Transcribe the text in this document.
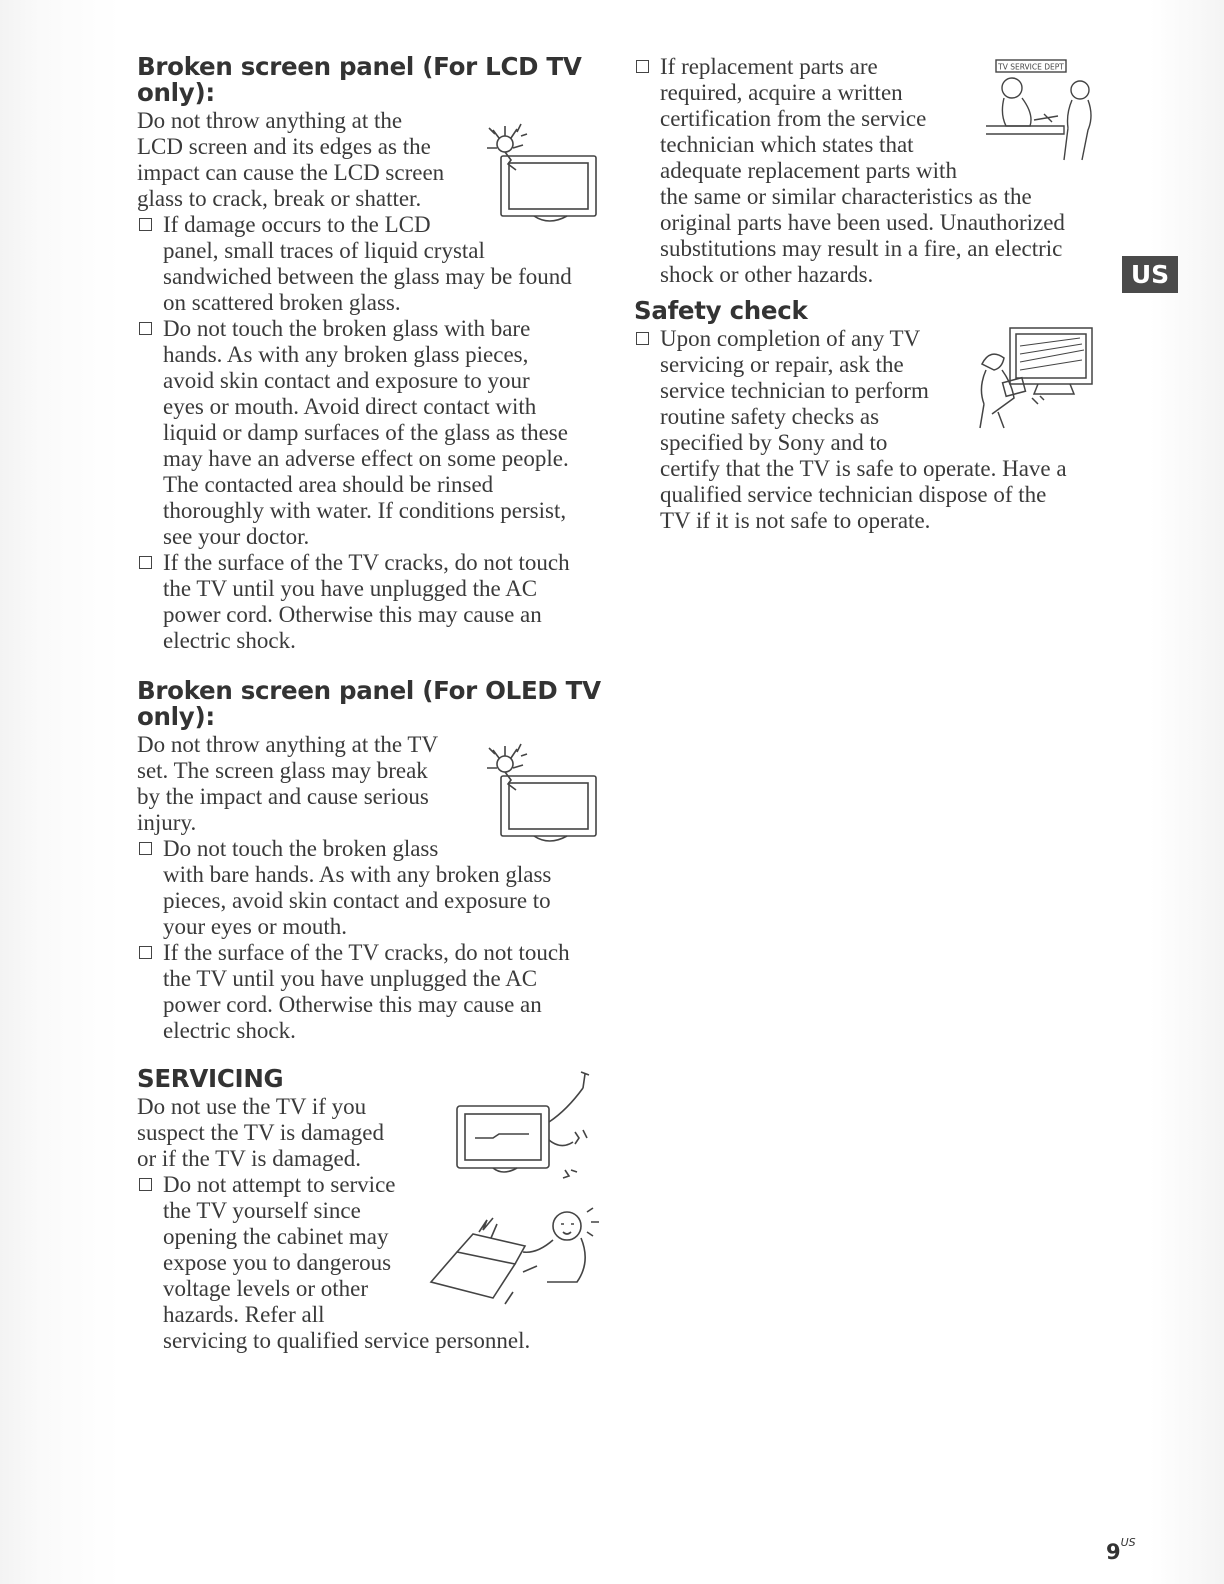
Broken screen panel (For LCD TV
only):

Do not throw anything at the
LCD screen and its edges as the
impact can cause the LCD screen
glass to crack, break or shatter.

If damage occurs to the LCD
panel, small traces of liquid crystal
sandwiched between the glass may be found
on scattered broken glass.
Do not touch the broken glass with bare
hands. As with any broken glass pieces,
avoid skin contact and exposure to your
eyes or mouth. Avoid direct contact with
liquid or damp surfaces of the glass as these
may have an adverse effect on some people.
The contacted area should be rinsed
thoroughly with water. If conditions persist,
see your doctor.
If the surface of the TV cracks, do not touch
the TV until you have unplugged the AC
power cord. Otherwise this may cause an
electric shock.
Broken screen panel (For OLED TV
only):

Do not throw anything at the TV
set. The screen glass may break
by the impact and cause serious
injury.

Do not touch the broken glass
with bare hands. As with any broken glass
pieces, avoid skin contact and exposure to
your eyes or mouth.
If the surface of the TV cracks, do not touch
the TV until you have unplugged the AC
power cord. Otherwise this may cause an
electric shock.
SERVICING

Do not use the TV if you
suspect the TV is damaged
or if the TV is damaged.

Do not attempt to service
the TV yourself since
opening the cabinet may
expose you to dangerous
voltage levels or other
hazards. Refer all
servicing to qualified service personnel.
If replacement parts are
required, acquire a written
certification from the service
technician which states that
adequate replacement parts with
the same or similar characteristics as the
original parts have been used. Unauthorized
substitutions may result in a fire, an electric
shock or other hazards.
TV SERVICE DEPT
Safety check
Upon completion of any TV
servicing or repair, ask the
service technician to perform
routine safety checks as
specified by Sony and to
certify that the TV is safe to operate. Have a
qualified service technician dispose of the
TV if it is not safe to operate.
US
$9^{US}$
